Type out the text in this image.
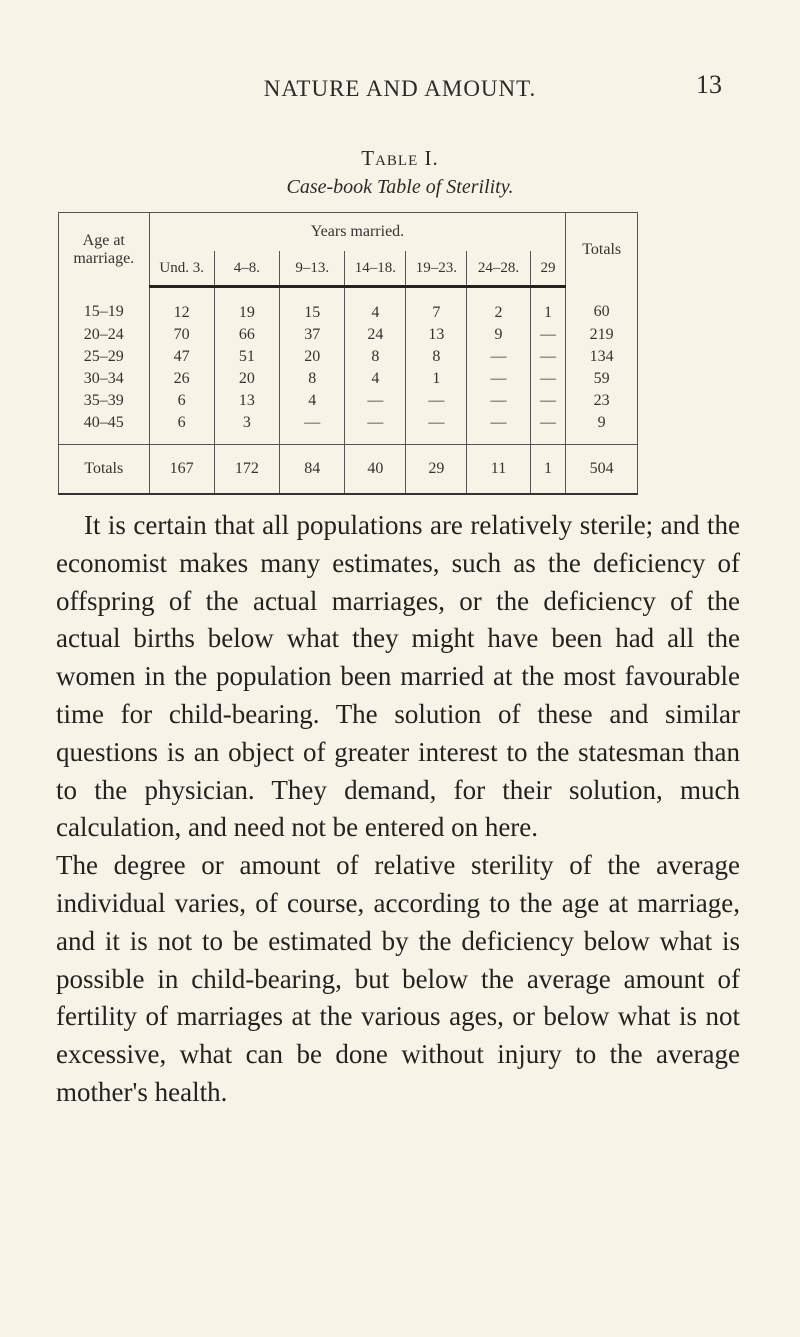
NATURE AND AMOUNT.	13
Table I.
Case-book Table of Sterility.
Age at marriage.	Years married.							Totals
	Und. 3.	4–8.	9–13.	14–18.	19–23.	24–28.	29	
15–19	12	19	15	4	7	2	1	60
20–24	70	66	37	24	13	9	—	219
25–29	47	51	20	8	8	—	—	134
30–34	26	20	8	4	1	—	—	59
35–39	6	13	4	—	—	—	—	23
40–45	6	3	—	—	—	—	—	9
Totals	167	172	84	40	29	11	1	504

It is certain that all populations are relatively sterile; and the economist makes many estimates, such as the deficiency of offspring of the actual marriages, or the deficiency of the actual births below what they might have been had all the women in the population been married at the most favourable time for child-bearing. The solution of these and similar questions is an object of greater interest to the statesman than to the physician. They demand, for their solution, much calculation, and need not be entered on here.

The degree or amount of relative sterility of the average individual varies, of course, according to the age at marriage, and it is not to be estimated by the deficiency below what is possible in child-bearing, but below the average amount of fertility of marriages at the various ages, or below what is not excessive, what can be done without injury to the average mother's health.
